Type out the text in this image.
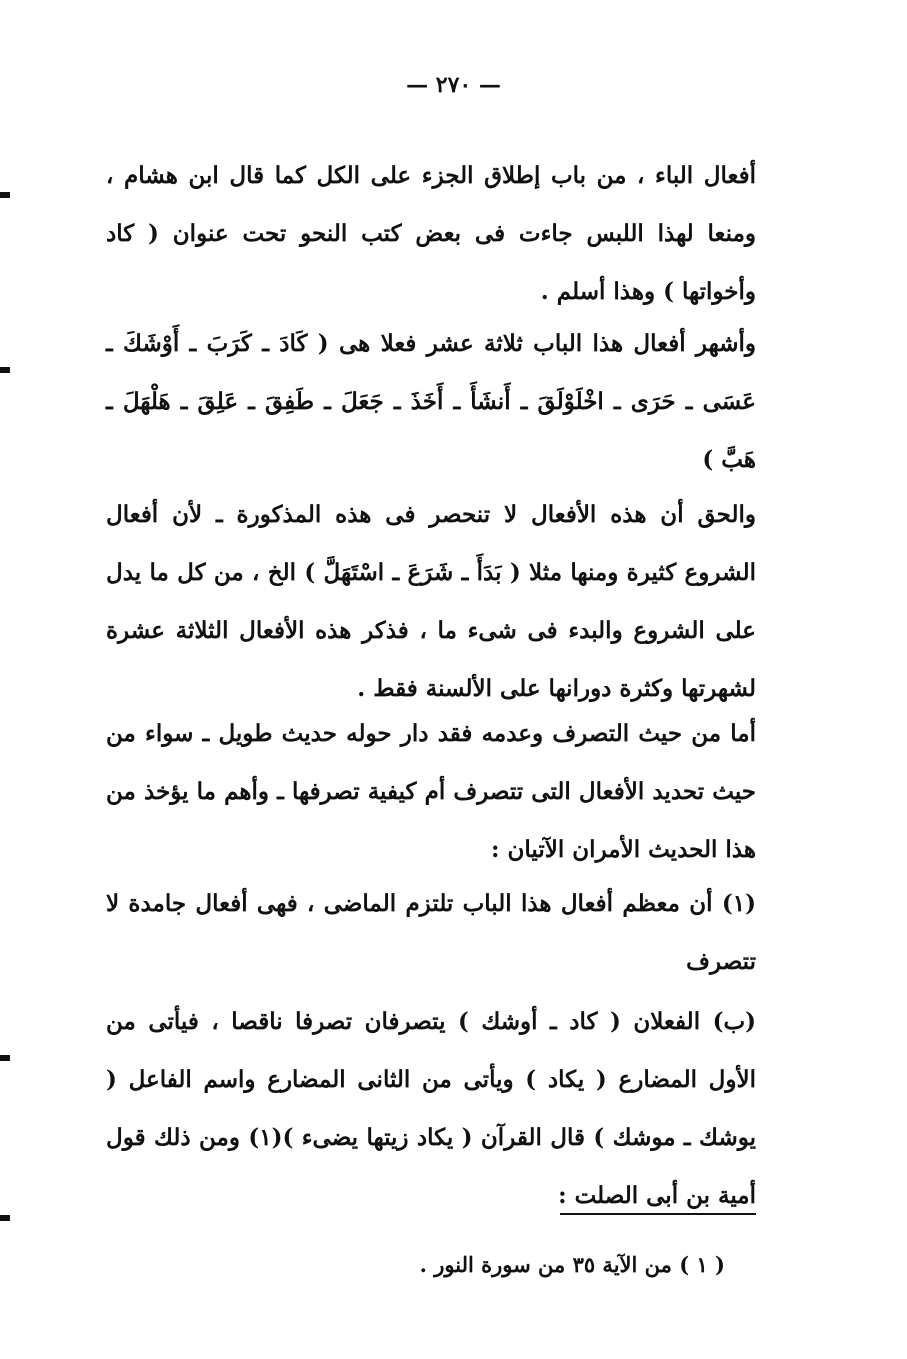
— ٢٧٠ —

أفعال الباء ، من باب إطلاق الجزء على الكل كما قال ابن هشام ، ومنعا لهذا اللبس جاءت فى بعض كتب النحو تحت عنوان ( كاد وأخواتها ) وهذا أسلم .

وأشهر أفعال هذا الباب ثلاثة عشر فعلا هى ( كَادَ ـ كَرَبَ ـ أَوْشَكَ ـ عَسَى ـ حَرَى ـ اخْلَوْلَقَ ـ أَنشَأَ ـ أَخَذَ ـ جَعَلَ ـ طَفِقَ ـ عَلِقَ ـ هَلْهَلَ ـ هَبَّ )

والحق أن هذه الأفعال لا تنحصر فى هذه المذكورة ـ لأن أفعال الشروع كثيرة ومنها مثلا ( بَدَأَ ـ شَرَعَ ـ اسْتَهَلَّ ) الخ ، من كل ما يدل على الشروع والبدء فى شىء ما ، فذكر هذه الأفعال الثلاثة عشرة لشهرتها وكثرة دورانها على الألسنة فقط .

أما من حيث التصرف وعدمه فقد دار حوله حديث طويل ـ سواء من حيث تحديد الأفعال التى تتصرف أم كيفية تصرفها ـ وأهم ما يؤخذ من هذا الحديث الأمران الآتيان :

(١) أن معظم أفعال هذا الباب تلتزم الماضى ، فهى أفعال جامدة لا تتصرف

(ب) الفعلان ( كاد ـ أوشك ) يتصرفان تصرفا ناقصا ، فيأتى من الأول المضارع ( يكاد ) ويأتى من الثانى المضارع واسم الفاعل ( يوشك ـ موشك ) قال القرآن ( يكاد زيتها يضىء )(١) ومن ذلك قول أمية بن أبى الصلت :

( ١ ) من الآية ٣٥ من سورة النور .
